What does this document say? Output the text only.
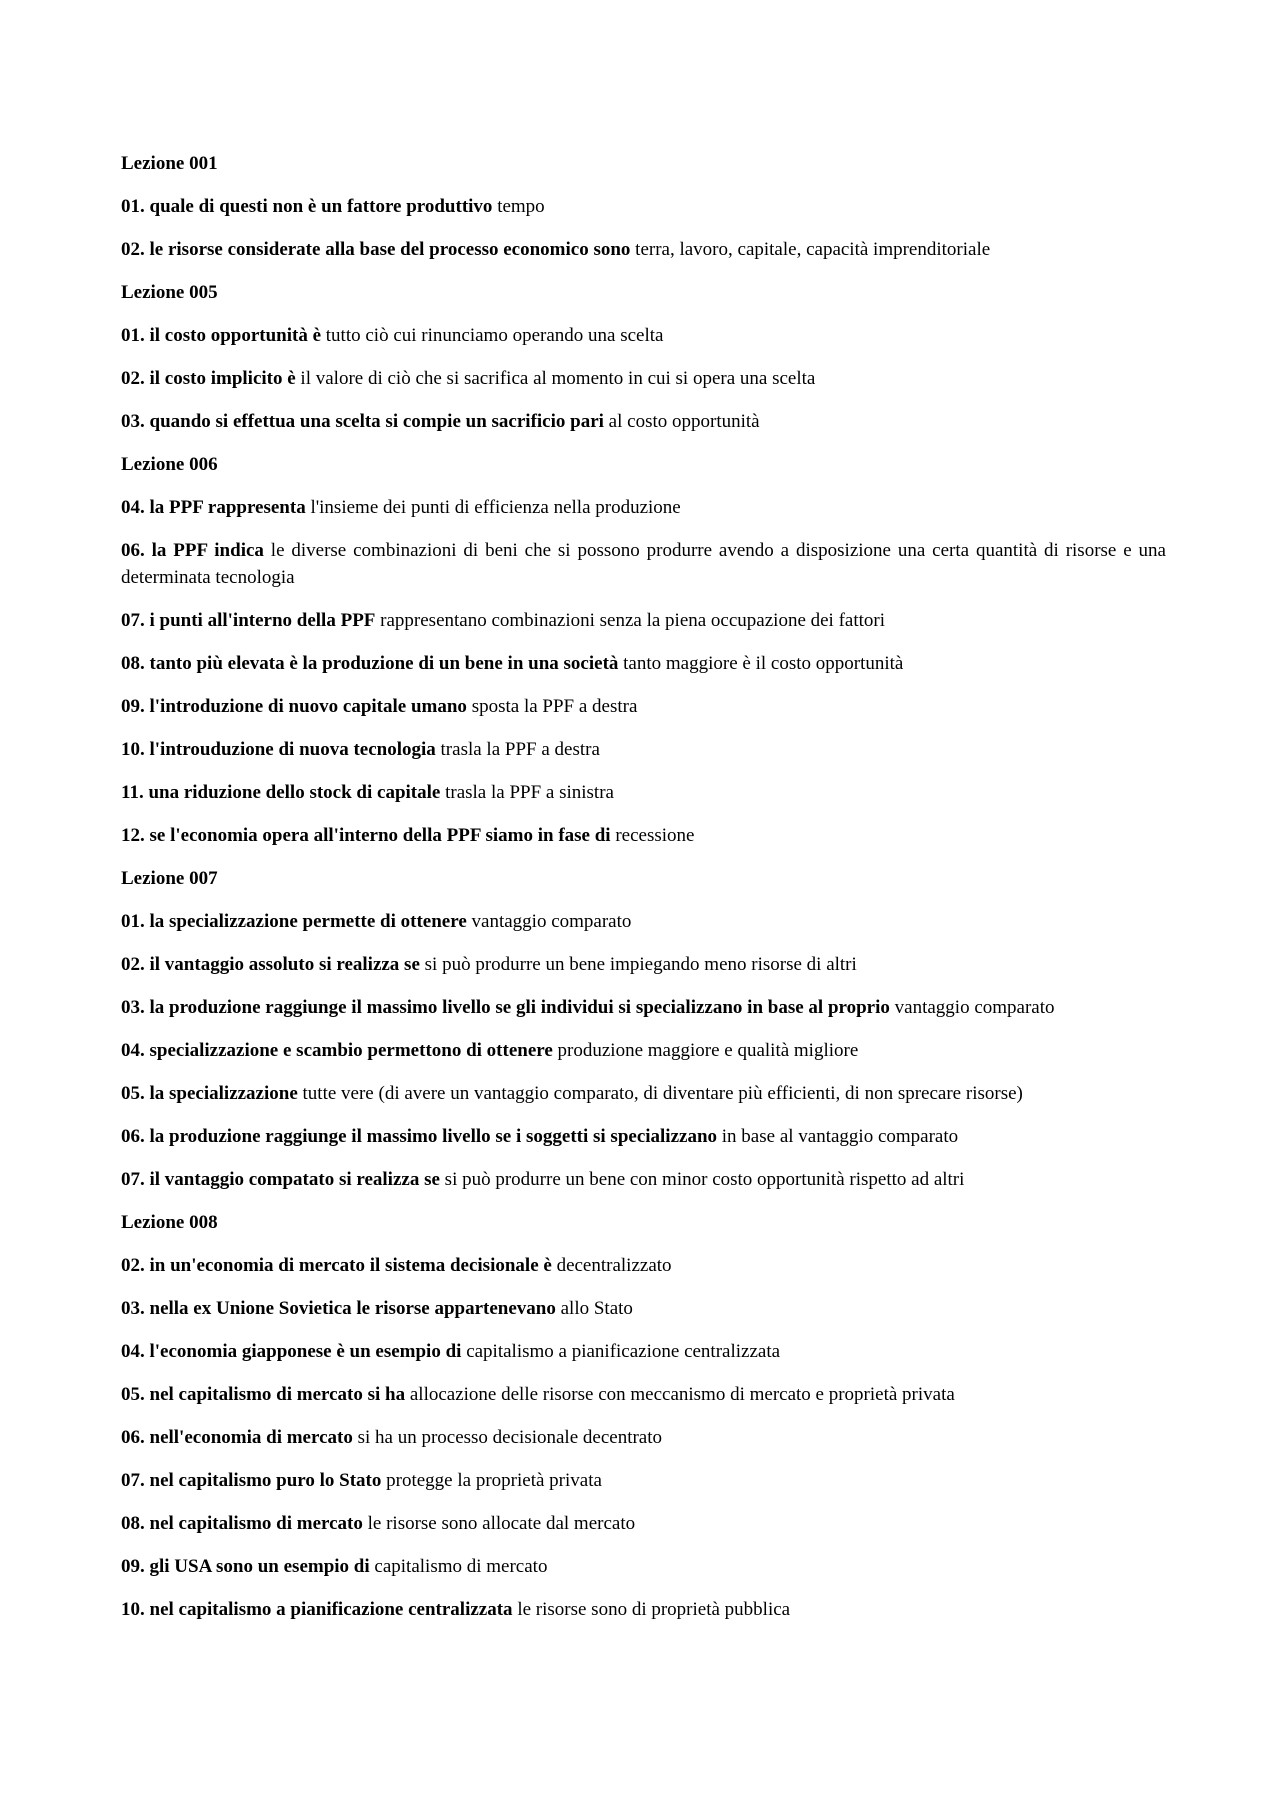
Lezione 001
01. quale di questi non è un fattore produttivo tempo
02. le risorse considerate alla base del processo economico sono terra, lavoro, capitale, capacità imprenditoriale
Lezione 005
01. il costo opportunità è tutto ciò cui rinunciamo operando una scelta
02. il costo implicito è il valore di ciò che si sacrifica al momento in cui si opera una scelta
03. quando si effettua una scelta si compie un sacrificio pari al costo opportunità
Lezione 006
04. la PPF rappresenta l'insieme dei punti di efficienza nella produzione
06. la PPF indica le diverse combinazioni di beni che si possono produrre avendo a disposizione una certa quantità di risorse e una determinata tecnologia
07. i punti all'interno della PPF rappresentano combinazioni senza la piena occupazione dei fattori
08. tanto più elevata è la produzione di un bene in una società tanto maggiore è il costo opportunità
09. l'introduzione di nuovo capitale umano sposta la PPF a destra
10. l'introuduzione di nuova tecnologia trasla la PPF a destra
11. una riduzione dello stock di capitale trasla la PPF a sinistra
12. se l'economia opera all'interno della PPF siamo in fase di recessione
Lezione 007
01. la specializzazione permette di ottenere vantaggio comparato
02. il vantaggio assoluto si realizza se si può produrre un bene impiegando meno risorse di altri
03. la produzione raggiunge il massimo livello se gli individui si specializzano in base al proprio vantaggio comparato
04. specializzazione e scambio permettono di ottenere produzione maggiore e qualità migliore
05. la specializzazione tutte vere (di avere un vantaggio comparato, di diventare più efficienti, di non sprecare risorse)
06. la produzione raggiunge il massimo livello se i soggetti si specializzano in base al vantaggio comparato
07. il vantaggio compatato si realizza se si può produrre un bene con minor costo opportunità rispetto ad altri
Lezione 008
02. in un'economia di mercato il sistema decisionale è decentralizzato
03. nella ex Unione Sovietica le risorse appartenevano allo Stato
04. l'economia giapponese è un esempio di capitalismo a pianificazione centralizzata
05. nel capitalismo di mercato si ha allocazione delle risorse con meccanismo di mercato e proprietà privata
06. nell'economia di mercato si ha un processo decisionale decentrato
07. nel capitalismo puro lo Stato protegge la proprietà privata
08. nel capitalismo di mercato le risorse sono allocate dal mercato
09. gli USA sono un esempio di capitalismo di mercato
10. nel capitalismo a pianificazione centralizzata le risorse sono di proprietà pubblica
